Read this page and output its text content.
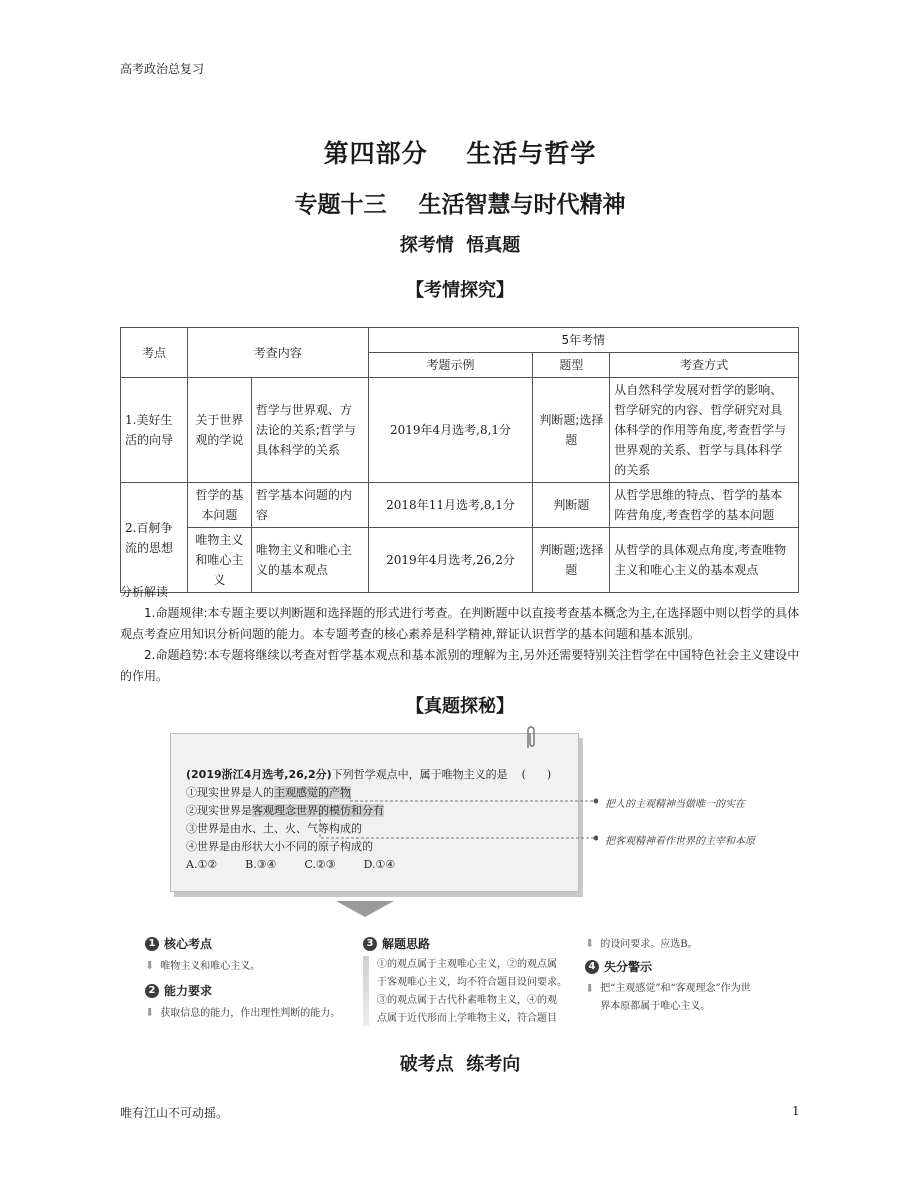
高考政治总复习
第四部分    生活与哲学
专题十三    生活智慧与时代精神
探考情  悟真题
【考情探究】
考点	考查内容		5年考情		
			考题示例	题型	考查方式
1.美好生活的向导	关于世界观的学说	哲学与世界观、方法论的关系;哲学与具体科学的关系	2019年4月选考,8,1分	判断题;选择题	从自然科学发展对哲学的影响、哲学研究的内容、哲学研究对具体科学的作用等角度,考查哲学与世界观的关系、哲学与具体科学的关系
2.百舸争流的思想	哲学的基本问题	哲学基本问题的内容	2018年11月选考,8,1分	判断题	从哲学思维的特点、哲学的基本阵营角度,考查哲学的基本问题
	唯物主义和唯心主义	唯物主义和唯心主义的基本观点	2019年4月选考,26,2分	判断题;选择题	从哲学的具体观点角度,考查唯物主义和唯心主义的基本观点

分析解读

1.命题规律:本专题主要以判断题和选择题的形式进行考查。在判断题中以直接考查基本概念为主,在选择题中则以哲学的具体观点考查应用知识分析问题的能力。本专题考查的核心素养是科学精神,辩证认识哲学的基本问题和基本派别。

2.命题趋势:本专题将继续以考查对哲学基本观点和基本派别的理解为主,另外还需要特别关注哲学在中国特色社会主义建设中的作用。

【真题探秘】
(2019浙江4月选考,26,2分)下列哲学观点中，属于唯物主义的是 (      )
①现实世界是人的主观感觉的产物
②现实世界是客观理念世界的模仿和分有
③世界是由水、土、火、气等构成的
④世界是由形状大小不同的原子构成的
A.①②        B.③④        C.②③        D.①④
把人的主观精神当做唯一的实在
把客观精神看作世界的主宰和本原
1 核心考点
⬇ 唯物主义和唯心主义。
2 能力要求
⬇ 获取信息的能力，作出理性判断的能力。
3 解题思路
①的观点属于主观唯心主义，②的观点属
于客观唯心主义，均不符合题目设问要求。
③的观点属于古代朴素唯物主义，④的观
点属于近代形而上学唯物主义，符合题目
⬇ 的设问要求。应选B。
4 失分警示
⬇ 把“主观感觉”和“客观理念”作为世
界本原都属于唯心主义。
破考点  练考向
唯有江山不可动摇。	1
